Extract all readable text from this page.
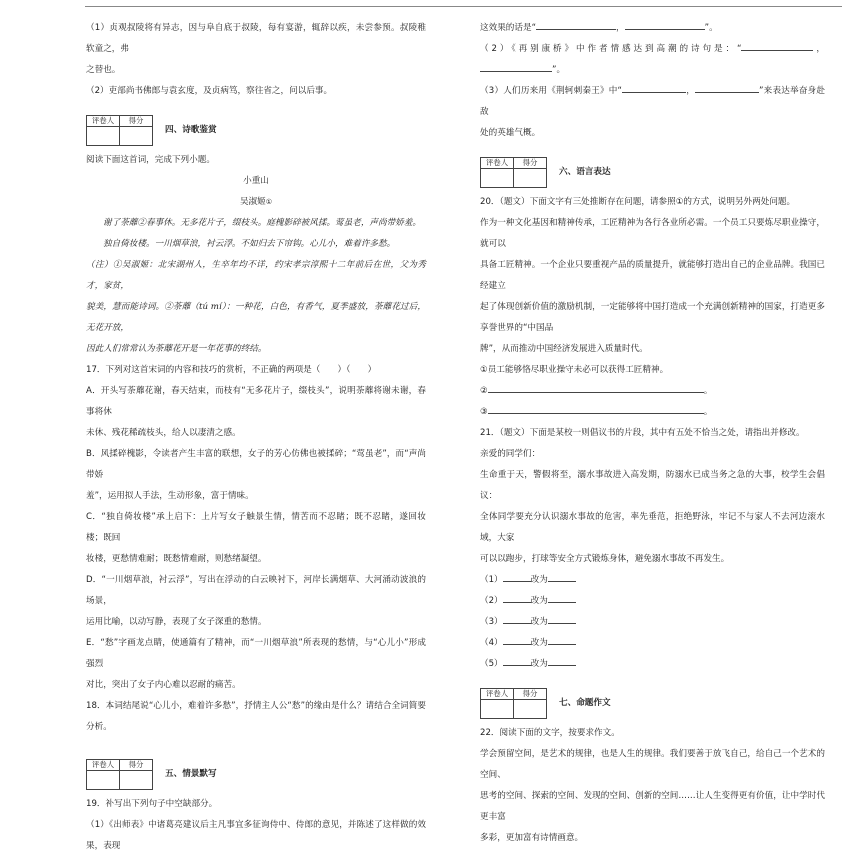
（1）贞观叔陵将有异志，因与阜自底于叔陵，每有宴游，辄辞以疾，未尝参预。叔陵稚软童之，弗

之替也。

（2）吏部尚书佛郎与袁玄度，及贞病笃，察往省之，问以后事。

评卷人	得分

四、诗歌鉴赏

阅读下面这首词，完成下列小题。

小重山

吴淑姬①

谢了荼蘼②春事休。无多花片子，缀枝头。庭槐影碎被风揉。莺虽老，声尚带娇羞。

独自倚妆楼。一川烟草浪，衬云浮。不如归去下帘钩。心儿小，难着许多愁。

（注）①吴淑姬：北宋湖州人，生卒年均不详，约宋孝宗淳熙十二年前后在世，父为秀才，家贫，

貌美，慧而能诗词。②荼蘼（tú mí）：一种花，白色，有香气，夏季盛放，荼蘼花过后，无花开放，

因此人们常常认为荼蘼花开是一年花事的终结。

17．下列对这首宋词的内容和技巧的赏析，不正确的两项是（　　）（　　）

A．开头写荼蘼花谢，春天结束，而枝有“无多花片子，缀枝头”，说明荼蘼将谢未谢，春事将休

未休、残花稀疏枝头，给人以凄清之感。

B．风揉碎槐影，令读者产生丰富的联想，女子的芳心仿佛也被揉碎；“莺虽老”，而“声尚带娇

羞”，运用拟人手法，生动形象，富于情味。

C．“独自倚妆楼”承上启下：上片写女子触景生情，情苦而不忍睹；既不忍睹，遂回妆楼；既回

妆楼，更愁情难耐；既愁情难耐，则愁绪凝望。

D．“一川烟草浪，衬云浮”，写出在浮动的白云映衬下，河岸长满烟草、大河涌动波浪的场景，

运用比喻，以动写静，表现了女子深重的愁情。

E．“愁”字画龙点睛，使通篇有了精神，而“一川烟草浪”所表现的愁情，与“心儿小”形成强烈

对比，突出了女子内心难以忍耐的痛苦。

18．本词结尾说“心儿小，难着许多愁”，抒情主人公“愁”的缘由是什么？请结合全词简要分析。

评卷人	得分

五、情景默写

19．补写出下列句子中空缺部分。

（1）《出师表》中诸葛亮建议后主凡事宜多征询侍中、侍郎的意见，并陈述了这样做的效果，表现

这效果的话是“	，	”。

（2）《再别康桥》中作者情感达到高潮的诗句是：“	，”。

（3）人们历来用《荆轲刺秦王》中“	，	”来表达举奋身赴敌

处的英雄气概。

评卷人	得分

六、语言表达

20．（题文）下面文字有三处推断存在问题，请参照①的方式，说明另外两处问题。

作为一种文化基因和精神传承，工匠精神为各行各业所必需。一个员工只要炼尽职业操守，就可以

具备工匠精神。一个企业只要重视产品的质量提升，就能够打造出自己的企业品牌。我国已经建立

起了体现创新价值的激励机制，一定能够将中国打造成一个充满创新精神的国家，打造更多享誉世界的“中国品

牌”，从而推动中国经济发展进入质量时代。

①员工能够恪尽职业操守未必可以获得工匠精神。

②	。

③	。

21．（题文）下面是某校一则倡议书的片段，其中有五处不恰当之处，请指出并修改。

亲爱的同学们：

生命重于天，警假将至，溺水事故进入高发期，防溺水已成当务之急的大事，校学生会倡议：

全体同学要充分认识溺水事故的危害，率先垂范，拒绝野泳，牢记不与家人不去河边滚水域，大家

可以以跑步，打球等安全方式锻炼身体，避免溺水事故不再发生。

（1）	改为

（2）	改为

（3）	改为

（4）	改为

（5）	改为

评卷人	得分

七、命题作文

22．阅读下面的文字，按要求作文。

学会预留空间，是艺术的规律，也是人生的规律。我们要善于放飞自己，给自己一个艺术的空间、

思考的空间、探索的空间、发现的空间、创新的空间……让人生变得更有价值，让中学时代更丰富

多彩，更加富有诗情画意。
